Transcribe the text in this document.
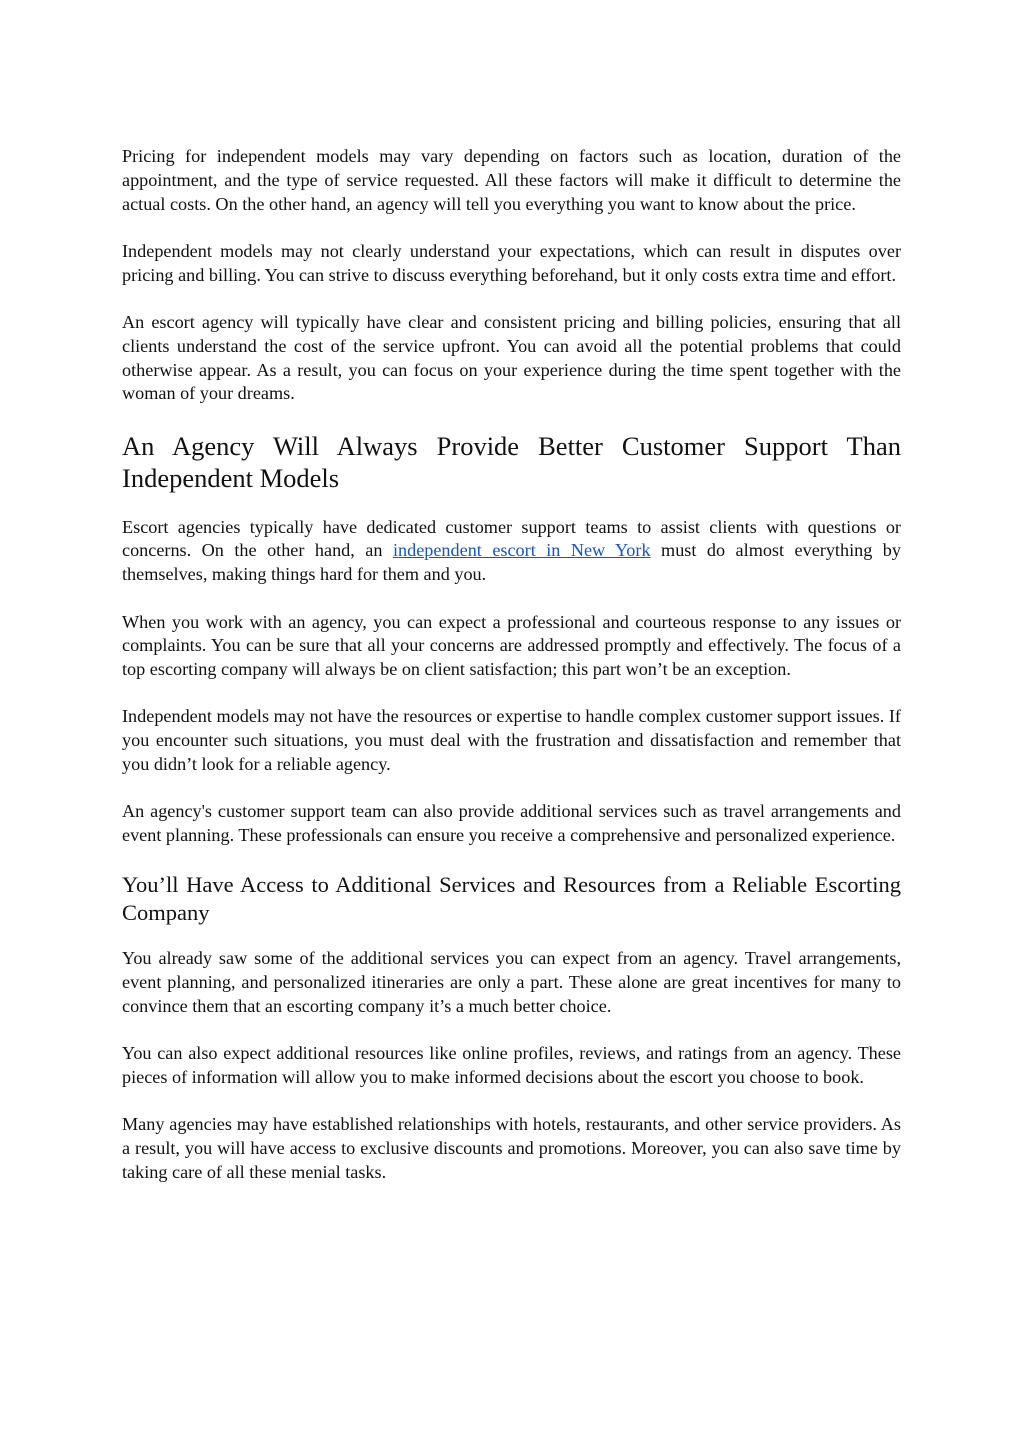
Pricing for independent models may vary depending on factors such as location, duration of the appointment, and the type of service requested. All these factors will make it difficult to determine the actual costs. On the other hand, an agency will tell you everything you want to know about the price.

Independent models may not clearly understand your expectations, which can result in disputes over pricing and billing. You can strive to discuss everything beforehand, but it only costs extra time and effort.

An escort agency will typically have clear and consistent pricing and billing policies, ensuring that all clients understand the cost of the service upfront. You can avoid all the potential problems that could otherwise appear. As a result, you can focus on your experience during the time spent together with the woman of your dreams.

An Agency Will Always Provide Better Customer Support Than Independent Models

Escort agencies typically have dedicated customer support teams to assist clients with questions or concerns. On the other hand, an independent escort in New York must do almost everything by themselves, making things hard for them and you.

When you work with an agency, you can expect a professional and courteous response to any issues or complaints. You can be sure that all your concerns are addressed promptly and effectively. The focus of a top escorting company will always be on client satisfaction; this part won’t be an exception.

Independent models may not have the resources or expertise to handle complex customer support issues. If you encounter such situations, you must deal with the frustration and dissatisfaction and remember that you didn’t look for a reliable agency.

An agency's customer support team can also provide additional services such as travel arrangements and event planning. These professionals can ensure you receive a comprehensive and personalized experience.

You’ll Have Access to Additional Services and Resources from a Reliable Escorting Company

You already saw some of the additional services you can expect from an agency. Travel arrangements, event planning, and personalized itineraries are only a part. These alone are great incentives for many to convince them that an escorting company it’s a much better choice.

You can also expect additional resources like online profiles, reviews, and ratings from an agency. These pieces of information will allow you to make informed decisions about the escort you choose to book.

Many agencies may have established relationships with hotels, restaurants, and other service providers. As a result, you will have access to exclusive discounts and promotions. Moreover, you can also save time by taking care of all these menial tasks.
